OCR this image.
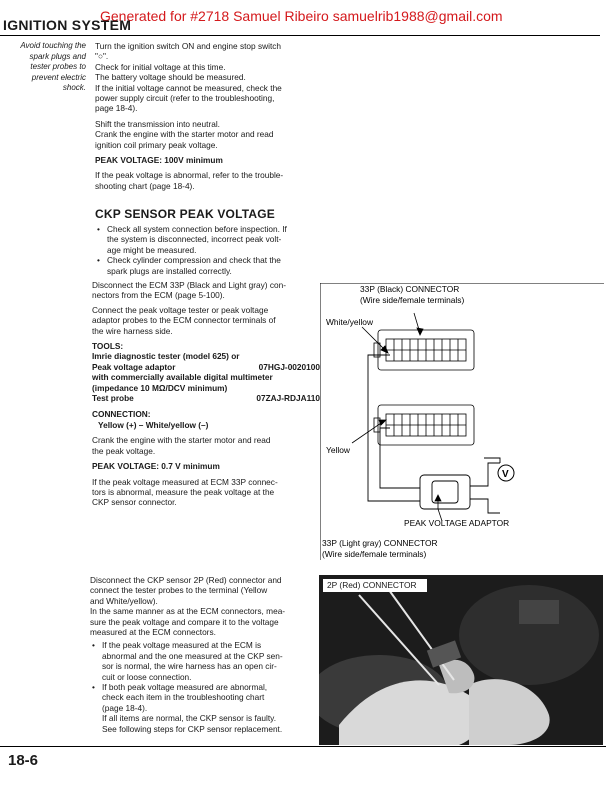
Generated for #2718 Samuel Ribeiro samuelrib1988@gmail.com
IGNITION SYSTEM
Avoid touching the
spark plugs and
tester probes to
prevent electric
shock.
Turn the ignition switch ON and engine stop switch
"○".
Check for initial voltage at this time.
The battery voltage should be measured.
If the initial voltage cannot be measured, check the
power supply circuit (refer to the troubleshooting,
page 18-4).
Shift the transmission into neutral.
Crank the engine with the starter motor and read
ignition coil primary peak voltage.
PEAK VOLTAGE: 100V minimum
If the peak voltage is abnormal, refer to the trouble-
shooting chart (page 18-4).
CKP SENSOR PEAK VOLTAGE
• Check all system connection before inspection. If
the system is disconnected, incorrect peak volt-
age might be measured.
• Check cylinder compression and check that the
spark plugs are installed correctly.
Disconnect the ECM 33P (Black and Light gray) con-
nectors from the ECM (page 5-100).
Connect the peak voltage tester or peak voltage
adaptor probes to the ECM connector terminals of
the wire harness side.
TOOLS:
Imrie diagnostic tester (model 625) or
Peak voltage adaptor	07HGJ-0020100
with commercially available digital multimeter
(impedance 10 MΩ/DCV minimum)
Test probe	07ZAJ-RDJA110
CONNECTION:
Yellow (+) – White/yellow (–)
Crank the engine with the starter motor and read
the peak voltage.
PEAK VOLTAGE: 0.7 V minimum
If the peak voltage measured at ECM 33P connec-
tors is abnormal, measure the peak voltage at the
CKP sensor connector.
V
33P (Black) CONNECTOR
(Wire side/female terminals)
White/yellow
Yellow
PEAK VOLTAGE ADAPTOR
33P (Light gray) CONNECTOR
(Wire side/female terminals)
Disconnect the CKP sensor 2P (Red) connector and
connect the tester probes to the terminal (Yellow
and White/yellow).
In the same manner as at the ECM connectors, mea-
sure the peak voltage and compare it to the voltage
measured at the ECM connectors.
• If the peak voltage measured at the ECM is
abnormal and the one measured at the CKP sen-
sor is normal, the wire harness has an open cir-
cuit or loose connection.
• If both peak voltage measured are abnormal,
check each item in the troubleshooting chart
(page 18-4).
If all items are normal, the CKP sensor is faulty.
See following steps for CKP sensor replacement.
2P (Red) CONNECTOR
18-6
